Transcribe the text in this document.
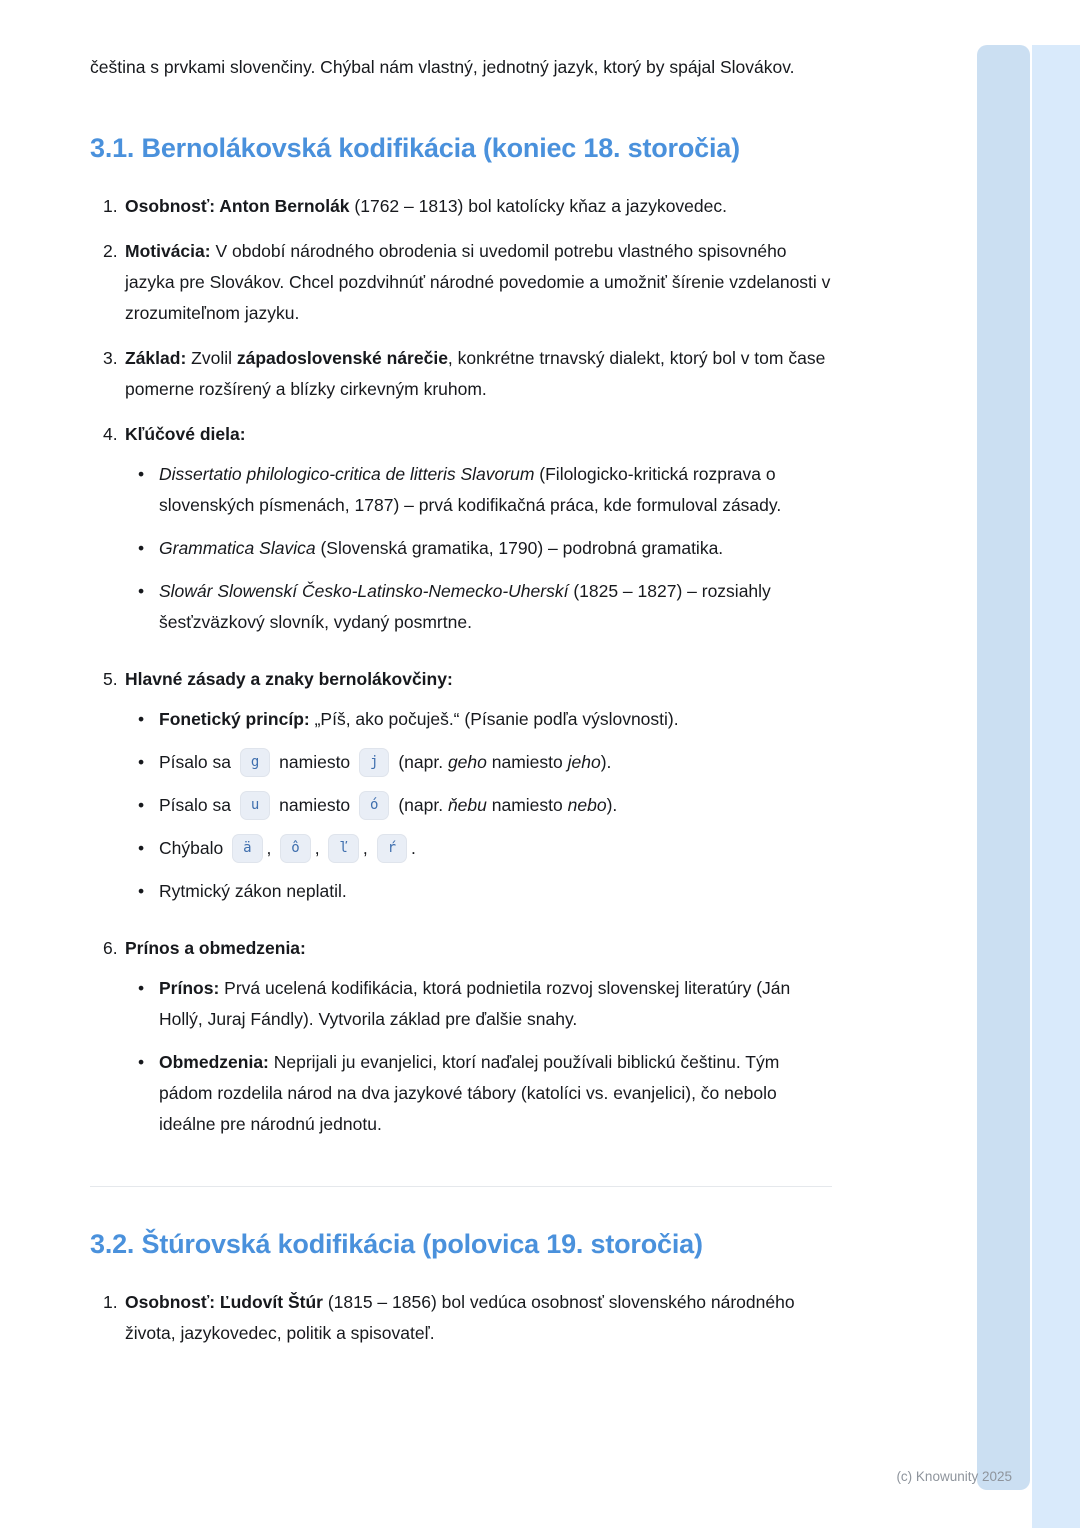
čeština s prvkami slovenčiny. Chýbal nám vlastný, jednotný jazyk, ktorý by spájal Slovákov.

3.1. Bernolákovská kodifikácia (koniec 18. storočia)
1. Osobnosť: Anton Bernolák (1762 – 1813) bol katolícky kňaz a jazykovedec.
2. Motivácia: V období národného obrodenia si uvedomil potrebu vlastného spisovného jazyka pre Slovákov. Chcel pozdvihnúť národné povedomie a umožniť šírenie vzdelanosti v zrozumiteľnom jazyku.
3. Základ: Zvolil západoslovenské nárečie, konkrétne trnavský dialekt, ktorý bol v tom čase pomerne rozšírený a blízky cirkevným kruhom.
4. Kľúčové diela:
• Dissertatio philologico-critica de litteris Slavorum (Filologicko-kritická rozprava o slovenských písmenách, 1787) – prvá kodifikačná práca, kde formuloval zásady.
• Grammatica Slavica (Slovenská gramatika, 1790) – podrobná gramatika.
• Slowár Slowenskí Česko-Latinsko-Nemecko-Uherskí (1825 – 1827) – rozsiahly šesťzväzkový slovník, vydaný posmrtne.
5. Hlavné zásady a znaky bernolákovčiny:
• Fonetický princíp: „Píš, ako počuješ.“ (Písanie podľa výslovnosti).
• Písalo sa g namiesto j (napr. geho namiesto jeho).
• Písalo sa u namiesto ó (napr. ňebu namiesto nebo).
• Chýbalo ä , ô , ľ , ŕ .
• Rytmický zákon neplatil.
6. Prínos a obmedzenia:
• Prínos: Prvá ucelená kodifikácia, ktorá podnietila rozvoj slovenskej literatúry (Ján Hollý, Juraj Fándly). Vytvorila základ pre ďalšie snahy.
• Obmedzenia: Neprijali ju evanjelici, ktorí naďalej používali biblickú češtinu. Tým pádom rozdelila národ na dva jazykové tábory (katolíci vs. evanjelici), čo nebolo ideálne pre národnú jednotu.
3.2. Štúrovská kodifikácia (polovica 19. storočia)
1. Osobnosť: Ľudovít Štúr (1815 – 1856) bol vedúca osobnosť slovenského národného života, jazykovedec, politik a spisovateľ.
(c) Knowunity 2025
